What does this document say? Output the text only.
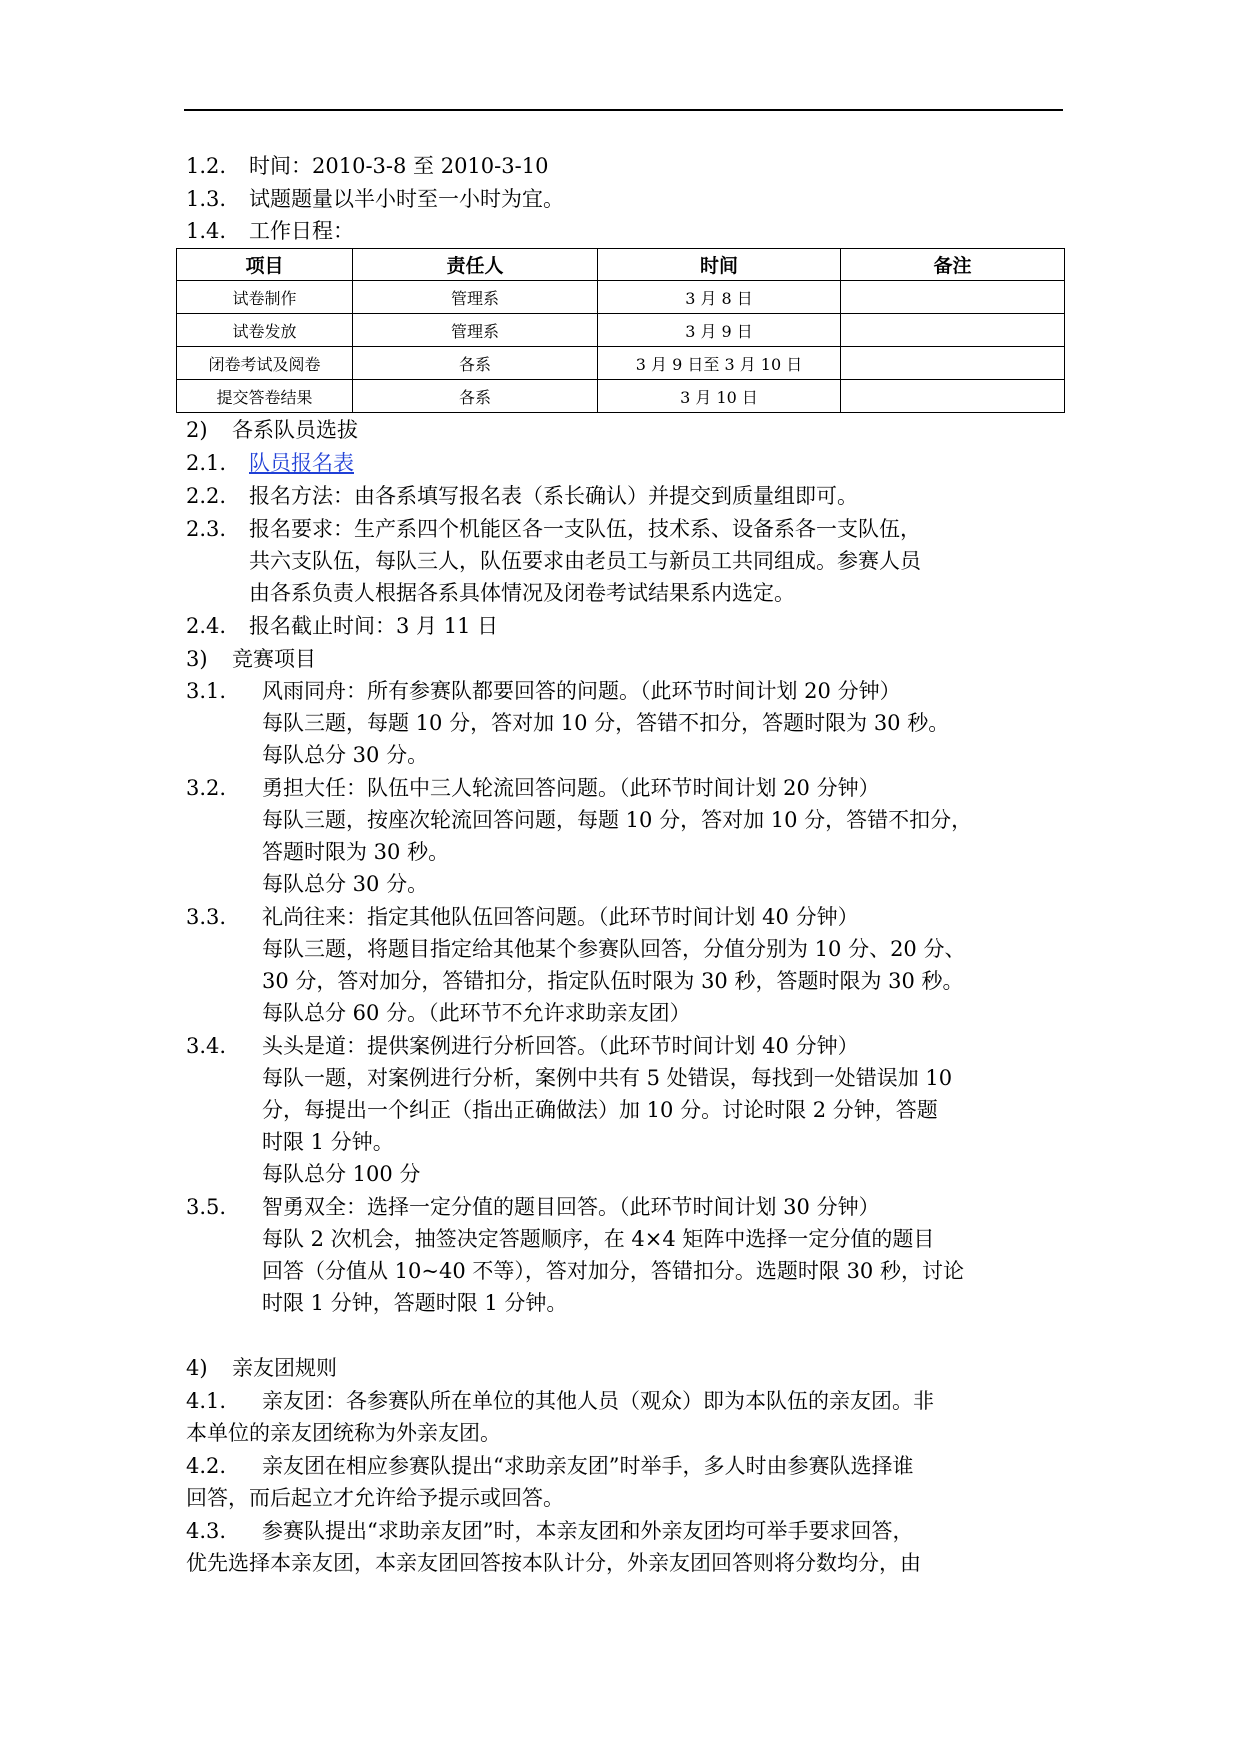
1.2. 时间：2010-3-8 至 2010-3-10
1.3. 试题题量以半小时至一小时为宜。
1.4. 工作日程：
项目	责任人	时间	备注
试卷制作	管理系	3 月 8 日	
试卷发放	管理系	3 月 9 日	
闭卷考试及阅卷	各系	3 月 9 日至 3 月 10 日	
提交答卷结果	各系	3 月 10 日	
2) 各系队员选拔
2.1. 队员报名表
2.2. 报名方法：由各系填写报名表（系长确认）并提交到质量组即可。
2.3. 报名要求：生产系四个机能区各一支队伍，技术系、设备系各一支队伍，
共六支队伍，每队三人，队伍要求由老员工与新员工共同组成。参赛人员
由各系负责人根据各系具体情况及闭卷考试结果系内选定。
2.4. 报名截止时间：3 月 11 日
3) 竞赛项目
3.1. 风雨同舟：所有参赛队都要回答的问题。（此环节时间计划 20 分钟）
每队三题，每题 10 分，答对加 10 分，答错不扣分，答题时限为 30 秒。
每队总分 30 分。
3.2. 勇担大任：队伍中三人轮流回答问题。（此环节时间计划 20 分钟）
每队三题，按座次轮流回答问题，每题 10 分，答对加 10 分，答错不扣分，
答题时限为 30 秒。
每队总分 30 分。
3.3. 礼尚往来：指定其他队伍回答问题。（此环节时间计划 40 分钟）
每队三题，将题目指定给其他某个参赛队回答，分值分别为 10 分、20 分、
30 分，答对加分，答错扣分，指定队伍时限为 30 秒，答题时限为 30 秒。
每队总分 60 分。（此环节不允许求助亲友团）
3.4. 头头是道：提供案例进行分析回答。（此环节时间计划 40 分钟）
每队一题，对案例进行分析，案例中共有 5 处错误，每找到一处错误加 10
分，每提出一个纠正（指出正确做法）加 10 分。讨论时限 2 分钟，答题
时限 1 分钟。
每队总分 100 分
3.5. 智勇双全：选择一定分值的题目回答。（此环节时间计划 30 分钟）
每队 2 次机会，抽签决定答题顺序，在 4×4 矩阵中选择一定分值的题目
回答（分值从 10~40 不等），答对加分，答错扣分。选题时限 30 秒，讨论
时限 1 分钟，答题时限 1 分钟。
4) 亲友团规则
4.1. 亲友团：各参赛队所在单位的其他人员（观众）即为本队伍的亲友团。非
本单位的亲友团统称为外亲友团。
4.2. 亲友团在相应参赛队提出“求助亲友团”时举手，多人时由参赛队选择谁
回答，而后起立才允许给予提示或回答。
4.3. 参赛队提出“求助亲友团”时，本亲友团和外亲友团均可举手要求回答，
优先选择本亲友团，本亲友团回答按本队计分，外亲友团回答则将分数均分，由
